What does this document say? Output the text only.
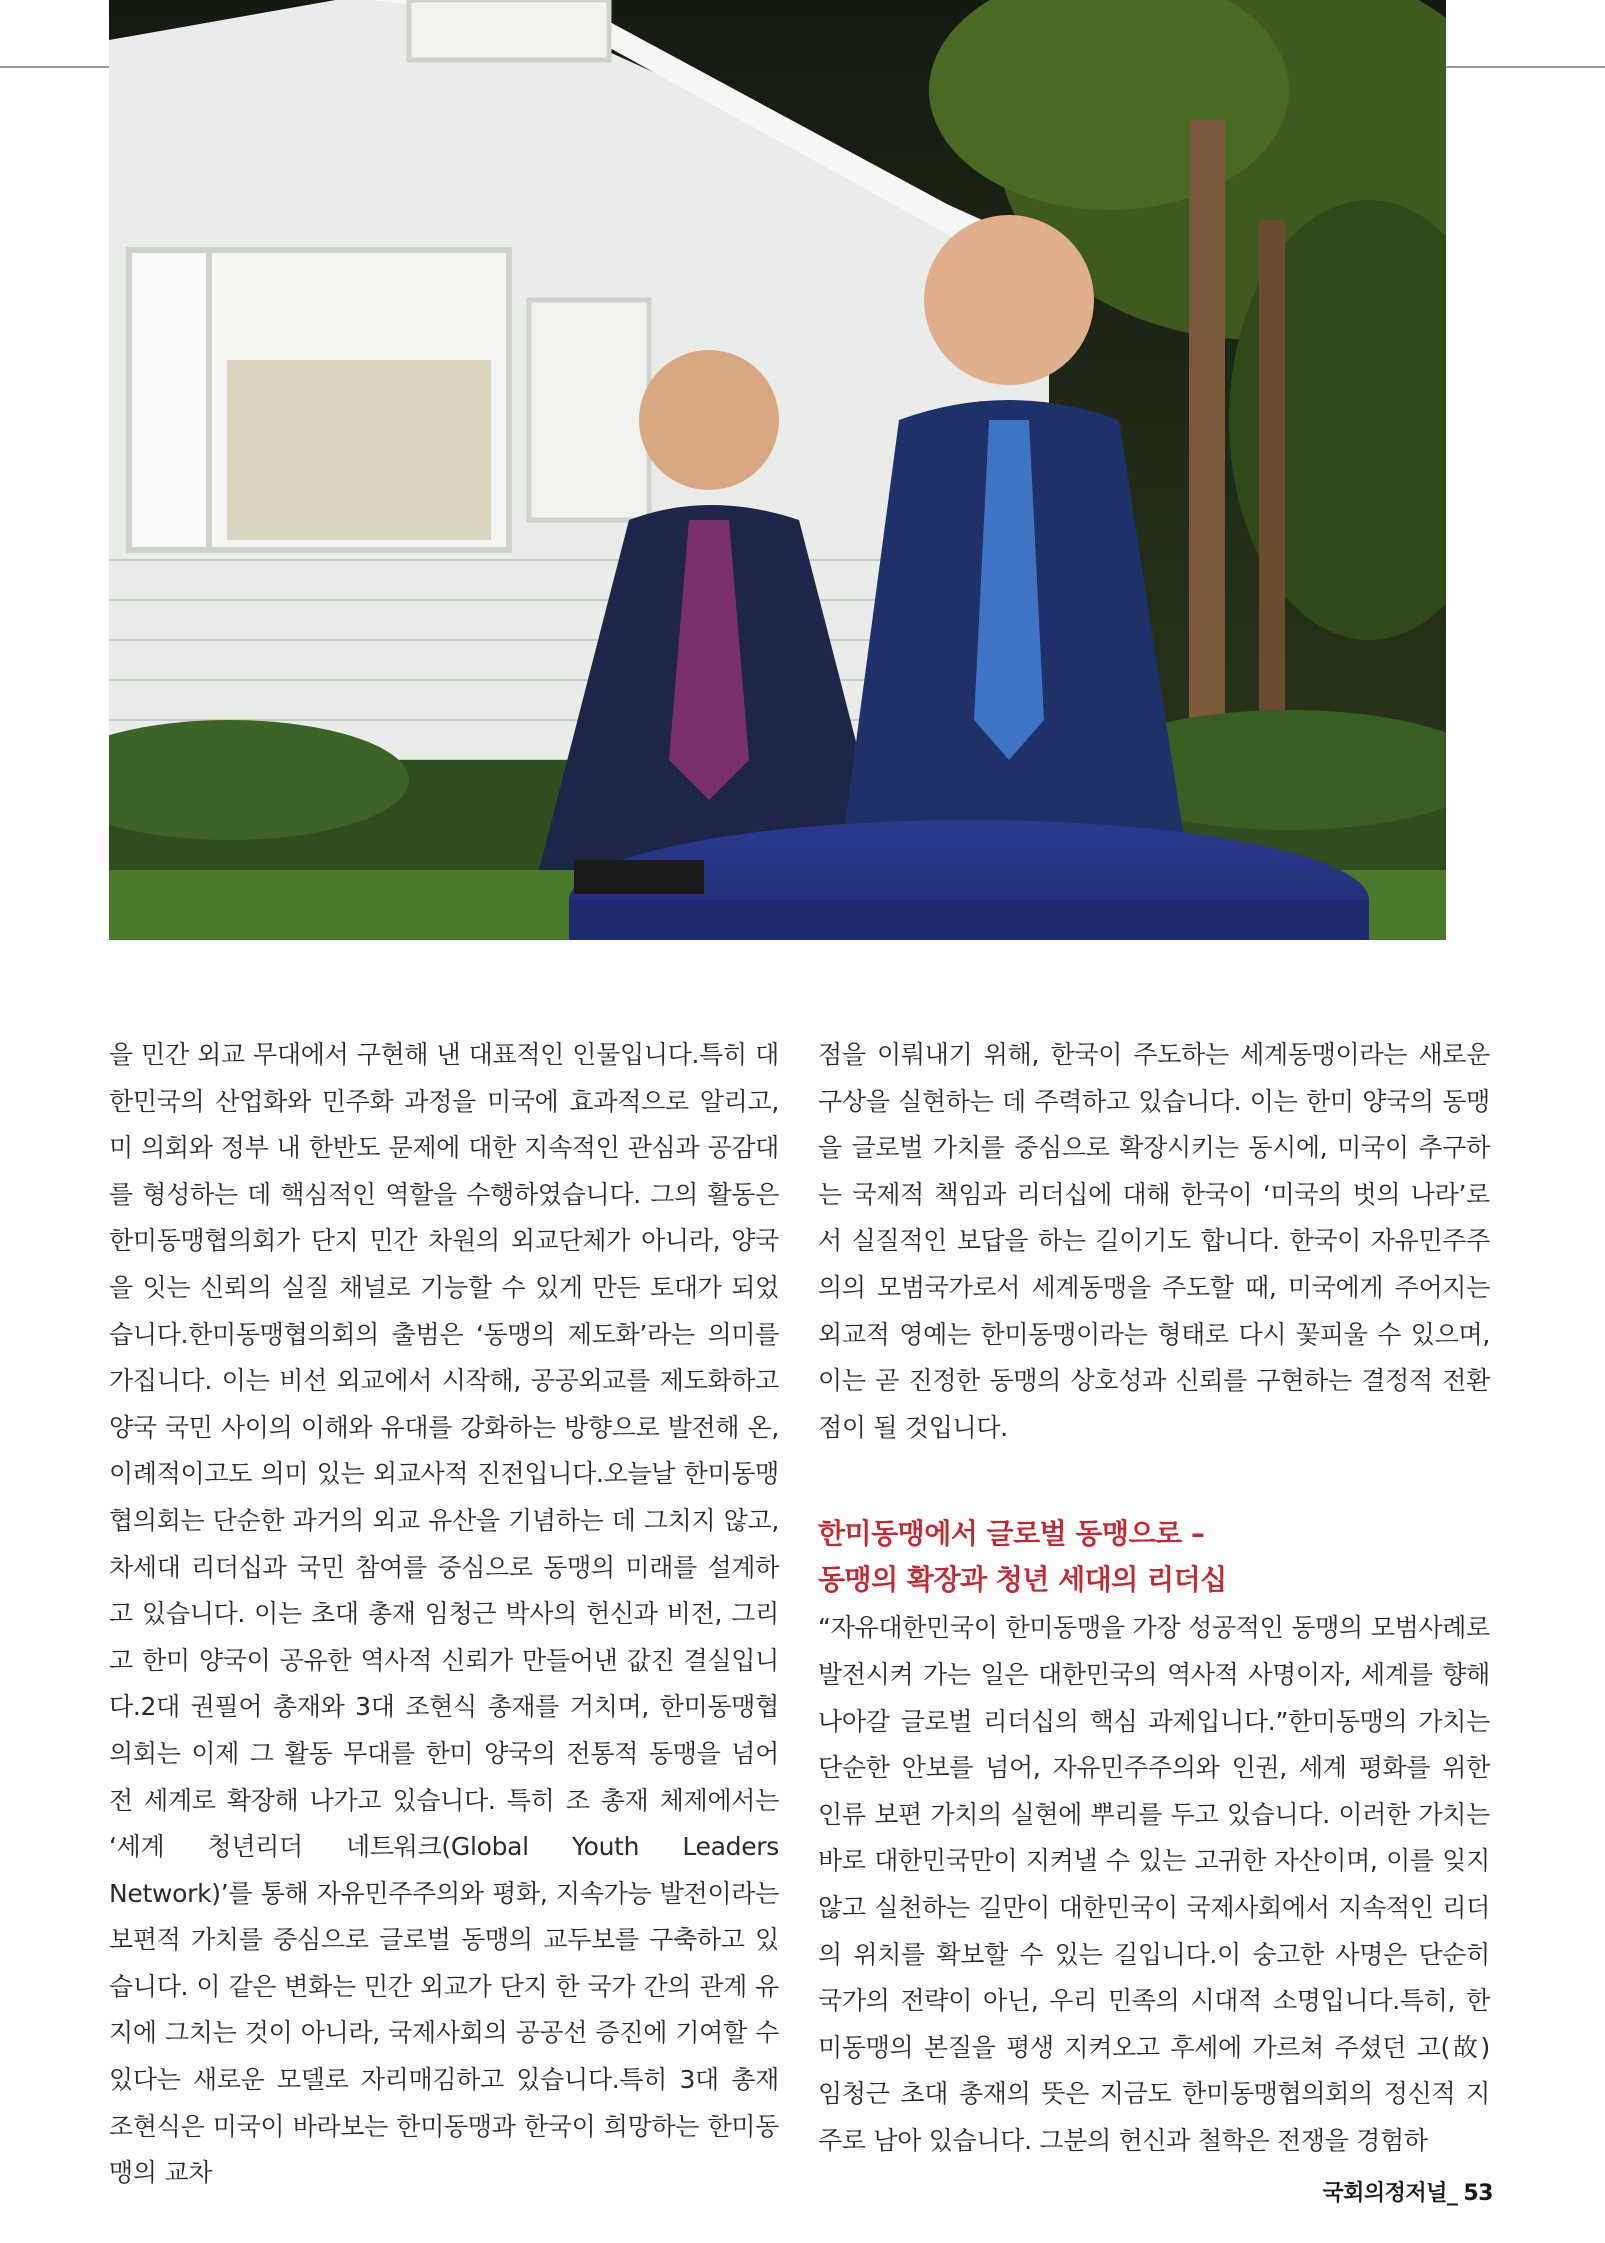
을 민간 외교 무대에서 구현해 낸 대표적인 인물입니다.특히 대한민국의 산업화와 민주화 과정을 미국에 효과적으로 알리고, 미 의회와 정부 내 한반도 문제에 대한 지속적인 관심과 공감대를 형성하는 데 핵심적인 역할을 수행하였습니다. 그의 활동은 한미동맹협의회가 단지 민간 차원의 외교단체가 아니라, 양국을 잇는 신뢰의 실질 채널로 기능할 수 있게 만든 토대가 되었습니다.한미동맹협의회의 출범은 ‘동맹의 제도화’라는 의미를 가집니다. 이는 비선 외교에서 시작해, 공공외교를 제도화하고 양국 국민 사이의 이해와 유대를 강화하는 방향으로 발전해 온, 이례적이고도 의미 있는 외교사적 진전입니다.오늘날 한미동맹협의회는 단순한 과거의 외교 유산을 기념하는 데 그치지 않고, 차세대 리더십과 국민 참여를 중심으로 동맹의 미래를 설계하고 있습니다. 이는 초대 총재 임청근 박사의 헌신과 비전, 그리고 한미 양국이 공유한 역사적 신뢰가 만들어낸 값진 결실입니다.2대 권필어 총재와 3대 조현식 총재를 거치며, 한미동맹협의회는 이제 그 활동 무대를 한미 양국의 전통적 동맹을 넘어 전 세계로 확장해 나가고 있습니다. 특히 조 총재 체제에서는 ‘세계 청년리더 네트워크(Global Youth Leaders Network)’를 통해 자유민주주의와 평화, 지속가능 발전이라는 보편적 가치를 중심으로 글로벌 동맹의 교두보를 구축하고 있습니다. 이 같은 변화는 민간 외교가 단지 한 국가 간의 관계 유지에 그치는 것이 아니라, 국제사회의 공공선 증진에 기여할 수 있다는 새로운 모델로 자리매김하고 있습니다.특히 3대 총재 조현식은 미국이 바라보는 한미동맹과 한국이 희망하는 한미동맹의 교차

점을 이뤄내기 위해, 한국이 주도하는 세계동맹이라는 새로운 구상을 실현하는 데 주력하고 있습니다. 이는 한미 양국의 동맹을 글로벌 가치를 중심으로 확장시키는 동시에, 미국이 추구하는 국제적 책임과 리더십에 대해 한국이 ‘미국의 벗의 나라’로서 실질적인 보답을 하는 길이기도 합니다. 한국이 자유민주주의의 모범국가로서 세계동맹을 주도할 때, 미국에게 주어지는 외교적 영예는 한미동맹이라는 형태로 다시 꽃피울 수 있으며, 이는 곧 진정한 동맹의 상호성과 신뢰를 구현하는 결정적 전환점이 될 것입니다.

한미동맹에서 글로벌 동맹으로 –
동맹의 확장과 청년 세대의 리더십

“자유대한민국이 한미동맹을 가장 성공적인 동맹의 모범사례로 발전시켜 가는 일은 대한민국의 역사적 사명이자, 세계를 향해 나아갈 글로벌 리더십의 핵심 과제입니다.”한미동맹의 가치는 단순한 안보를 넘어, 자유민주주의와 인권, 세계 평화를 위한 인류 보편 가치의 실현에 뿌리를 두고 있습니다. 이러한 가치는 바로 대한민국만이 지켜낼 수 있는 고귀한 자산이며, 이를 잊지 않고 실천하는 길만이 대한민국이 국제사회에서 지속적인 리더의 위치를 확보할 수 있는 길입니다.이 숭고한 사명은 단순히 국가의 전략이 아닌, 우리 민족의 시대적 소명입니다.특히, 한미동맹의 본질을 평생 지켜오고 후세에 가르쳐 주셨던 고(故) 임청근 초대 총재의 뜻은 지금도 한미동맹협의회의 정신적 지주로 남아 있습니다. 그분의 헌신과 철학은 전쟁을 경험하

국회의정저널_ 53
